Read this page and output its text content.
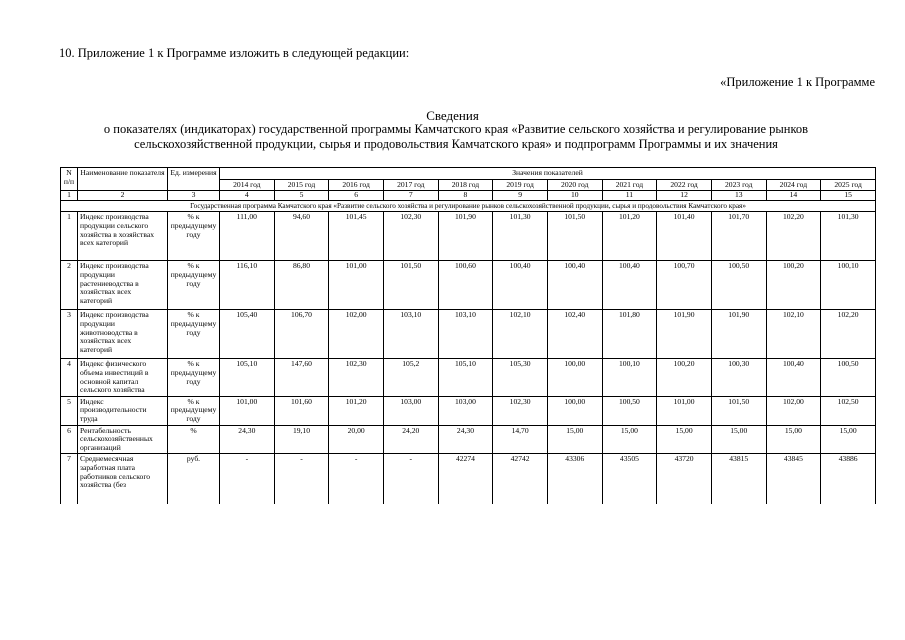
10. Приложение 1 к Программе изложить в следующей редакции:
«Приложение 1 к Программе
Сведения
о показателях (индикаторах) государственной программы Камчатского края «Развитие сельского хозяйства и регулирование рынков сельскохозяйственной продукции, сырья и продовольствия Камчатского края» и подпрограмм Программы и их значения
N п/п	Наименование показателя	Ед. измерения	Значения показателей											
			2014 год	2015 год	2016 год	2017 год	2018 год	2019 год	2020 год	2021 год	2022 год	2023 год	2024 год	2025 год
1	2	3	4	5	6	7	8	9	10	11	12	13	14	15
Государственная программа Камчатского края «Развитие сельского хозяйства и регулирование рынков сельскохозяйственной продукции, сырья и продовольствия Камчатского края»														
1	Индекс производства продукции сельского хозяйства в хозяйствах всех категорий	% к предыдущему году	111,00	94,60	101,45	102,30	101,90	101,30	101,50	101,20	101,40	101,70	102,20	101,30
2	Индекс производства продукции растениеводства в хозяйствах всех категорий	% к предыдущему году	116,10	86,80	101,00	101,50	100,60	100,40	100,40	100,40	100,70	100,50	100,20	100,10
3	Индекс производства продукции животноводства в хозяйствах всех категорий	% к предыдущему году	105,40	106,70	102,00	103,10	103,10	102,10	102,40	101,80	101,90	101,90	102,10	102,20
4	Индекс физического объема инвестиций в основной капитал сельского хозяйства	% к предыдущему году	105,10	147,60	102,30	105,2	105,10	105,30	100,00	100,10	100,20	100,30	100,40	100,50
5	Индекс производительности труда	% к предыдущему году	101,00	101,60	101,20	103,00	103,00	102,30	100,00	100,50	101,00	101,50	102,00	102,50
6	Рентабельность сельскохозяйственных организаций	%	24,30	19,10	20,00	24,20	24,30	14,70	15,00	15,00	15,00	15,00	15,00	15,00
7	Среднемесячная заработная плата работников сельского хозяйства (без	руб.	-	-	-	-	42274	42742	43306	43505	43720	43815	43845	43886
